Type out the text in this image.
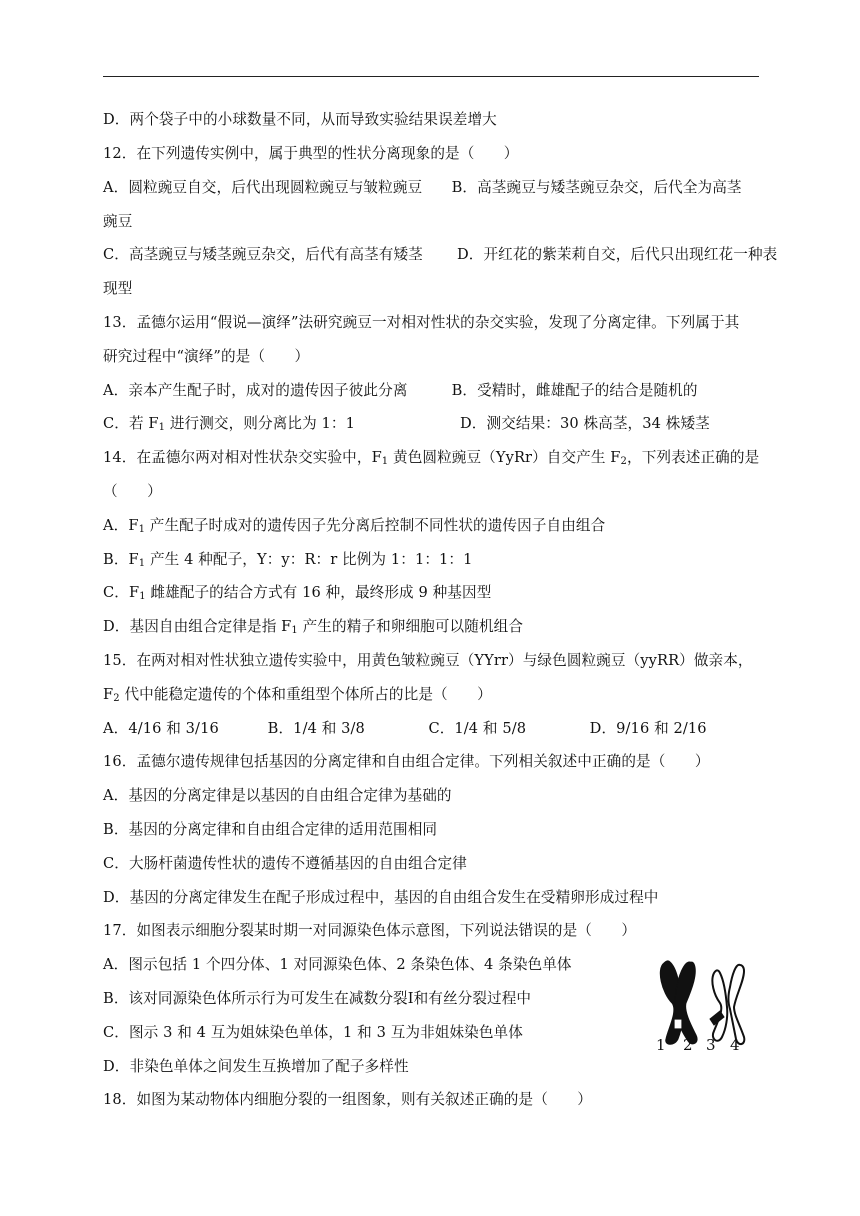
D．两个袋子中的小球数量不同，从而导致实验结果误差增大
12．在下列遗传实例中，属于典型的性状分离现象的是（　　）
A．圆粒豌豆自交，后代出现圆粒豌豆与皱粒豌豆　　B．高茎豌豆与矮茎豌豆杂交，后代全为高茎
豌豆
C．高茎豌豆与矮茎豌豆杂交，后代有高茎有矮茎　　 D．开红花的紫茉莉自交，后代只出现红花一种表
现型
13．孟德尔运用“假说—演绎”法研究豌豆一对相对性状的杂交实验，发现了分离定律。下列属于其
研究过程中“演绎”的是（　　）
A．亲本产生配子时，成对的遗传因子彼此分离　　　B．受精时，雌雄配子的结合是随机的
C．若 $F_1$ 进行测交，则分离比为 1：1	D．测交结果：30 株高茎，34 株矮茎
14．在孟德尔两对相对性状杂交实验中，$F_1$ 黄色圆粒豌豆（YyRr）自交产生 $F_2$，下列表述正确的是
（　　）
A．$F_1$ 产生配子时成对的遗传因子先分离后控制不同性状的遗传因子自由组合
B．$F_1$ 产生 4 种配子，Y：y：R：r 比例为 1：1：1：1
C．$F_1$ 雌雄配子的结合方式有 16 种，最终形成 9 种基因型
D．基因自由组合定律是指 $F_1$ 产生的精子和卵细胞可以随机组合
15．在两对相对性状独立遗传实验中，用黄色皱粒豌豆（YYrr）与绿色圆粒豌豆（yyRR）做亲本，
$F_2$ 代中能稳定遗传的个体和重组型个体所占的比是（　　）
A．4/16 和 3/16　　　 B．1/4 和 3/8　　　　 C．1/4 和 5/8　　　　 D．9/16 和 2/16
16．孟德尔遗传规律包括基因的分离定律和自由组合定律。下列相关叙述中正确的是（　　）
A．基因的分离定律是以基因的自由组合定律为基础的
B．基因的分离定律和自由组合定律的适用范围相同
C．大肠杆菌遗传性状的遗传不遵循基因的自由组合定律
D．基因的分离定律发生在配子形成过程中，基因的自由组合发生在受精卵形成过程中
17．如图表示细胞分裂某时期一对同源染色体示意图，下列说法错误的是（　　）
A．图示包括 1 个四分体、1 对同源染色体、2 条染色体、4 条染色单体
B．该对同源染色体所示行为可发生在减数分裂Ⅰ和有丝分裂过程中
C．图示 3 和 4 互为姐妹染色单体，1 和 3 互为非姐妹染色单体
D．非染色单体之间发生互换增加了配子多样性
18．如图为某动物体内细胞分裂的一组图象，则有关叙述正确的是（　　）
1 2 3 4
